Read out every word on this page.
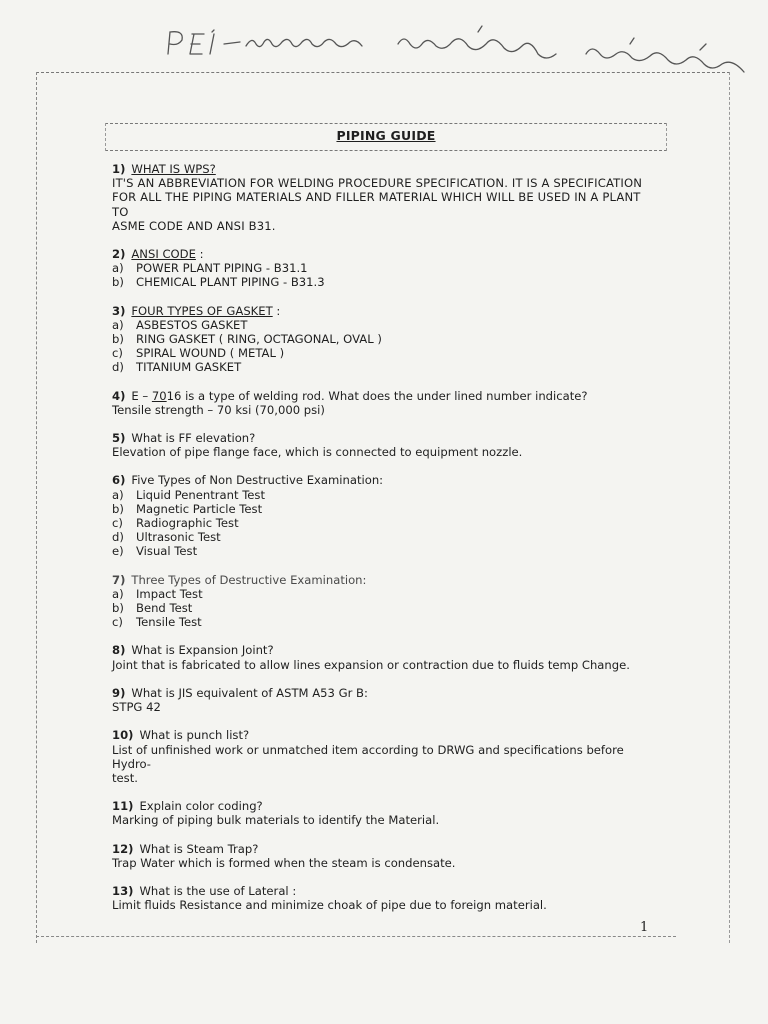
PIPING GUIDE
1) WHAT IS WPS?
IT'S AN ABBREVIATION FOR WELDING PROCEDURE SPECIFICATION. IT IS A SPECIFICATION
FOR ALL THE PIPING MATERIALS AND FILLER MATERIAL WHICH WILL BE USED IN A PLANT TO
ASME CODE AND ANSI B31.
2) ANSI CODE :
a) POWER PLANT PIPING - B31.1
b) CHEMICAL PLANT PIPING - B31.3
3) FOUR TYPES OF GASKET :
a) ASBESTOS GASKET
b) RING GASKET ( RING, OCTAGONAL, OVAL )
c) SPIRAL WOUND ( METAL )
d) TITANIUM GASKET
4) E – 7016 is a type of welding rod. What does the under lined number indicate?
Tensile strength – 70 ksi (70,000 psi)
5) What is FF elevation?
Elevation of pipe flange face, which is connected to equipment nozzle.
6) Five Types of Non Destructive Examination:
a) Liquid Penentrant Test
b) Magnetic Particle Test
c) Radiographic Test
d) Ultrasonic Test
e) Visual Test
7) Three Types of Destructive Examination:
a) Impact Test
b) Bend Test
c) Tensile Test
8) What is Expansion Joint?
Joint that is fabricated to allow lines expansion or contraction due to fluids temp Change.
9) What is JIS equivalent of ASTM A53 Gr B:
STPG 42
10) What is punch list?
List of unfinished work or unmatched item according to DRWG and specifications before Hydro-
test.
11) Explain color coding?
Marking of piping bulk materials to identify the Material.
12) What is Steam Trap?
Trap Water which is formed when the steam is condensate.
13) What is the use of Lateral :
Limit fluids Resistance and minimize choak of pipe due to foreign material.
1
